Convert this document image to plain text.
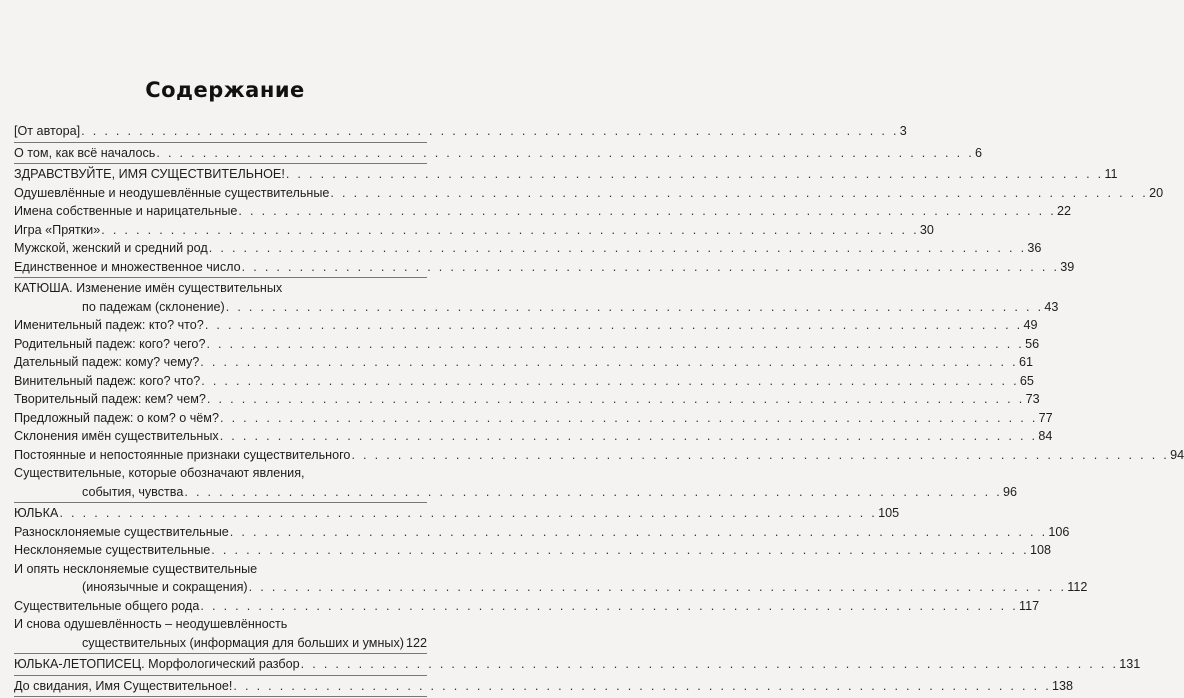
Содержание
[От автора] . . . . . . . . . . . . . . . . . . . . . . . . . . . . . . . . . . . . . . . . . . . . . . . . . . . . . . . . . . . . . . . . . . . . . . . 3
О том, как всё началось . . . . . . . . . . . . . . . . . . . . . . . . . . . . . . . . . . . . . . . . . . . . . . . . . . . . . . . . . . . . . . . . . . . . . . . 6
ЗДРАВСТВУЙТЕ, ИМЯ СУЩЕСТВИТЕЛЬНОЕ! . . . . . . . . . . . . . . . . . . . . . . . . . . . . . . . . . . . . . . . . . . . . . . . . . . . . . . . . . . . . . . . . . . . . . . . 11
Одушевлённые и неодушевлённые существительные . . . . . . . . . . . . . . . . . . . . . . . . . . . . . . . . . . . . . . . . . . . . . . . . . . . . . . . . . . . . . . . . . . . . . . . 20
Имена собственные и нарицательные . . . . . . . . . . . . . . . . . . . . . . . . . . . . . . . . . . . . . . . . . . . . . . . . . . . . . . . . . . . . . . . . . . . . . . . 22
Игра «Прятки» . . . . . . . . . . . . . . . . . . . . . . . . . . . . . . . . . . . . . . . . . . . . . . . . . . . . . . . . . . . . . . . . . . . . . . . 30
Мужской, женский и средний род . . . . . . . . . . . . . . . . . . . . . . . . . . . . . . . . . . . . . . . . . . . . . . . . . . . . . . . . . . . . . . . . . . . . . . . 36
Единственное и множественное число . . . . . . . . . . . . . . . . . . . . . . . . . . . . . . . . . . . . . . . . . . . . . . . . . . . . . . . . . . . . . . . . . . . . . . . 39
КАТЮША. Изменение имён существительных
по падежам (склонение) . . . . . . . . . . . . . . . . . . . . . . . . . . . . . . . . . . . . . . . . . . . . . . . . . . . . . . . . . . . . . . . . . . . . . . . 43
Именительный падеж: кто? что? . . . . . . . . . . . . . . . . . . . . . . . . . . . . . . . . . . . . . . . . . . . . . . . . . . . . . . . . . . . . . . . . . . . . . . . 49
Родительный падеж: кого? чего? . . . . . . . . . . . . . . . . . . . . . . . . . . . . . . . . . . . . . . . . . . . . . . . . . . . . . . . . . . . . . . . . . . . . . . . 56
Дательный падеж: кому? чему? . . . . . . . . . . . . . . . . . . . . . . . . . . . . . . . . . . . . . . . . . . . . . . . . . . . . . . . . . . . . . . . . . . . . . . . 61
Винительный падеж: кого? что? . . . . . . . . . . . . . . . . . . . . . . . . . . . . . . . . . . . . . . . . . . . . . . . . . . . . . . . . . . . . . . . . . . . . . . . 65
Творительный падеж: кем? чем? . . . . . . . . . . . . . . . . . . . . . . . . . . . . . . . . . . . . . . . . . . . . . . . . . . . . . . . . . . . . . . . . . . . . . . . 73
Предложный падеж: о ком? о чём? . . . . . . . . . . . . . . . . . . . . . . . . . . . . . . . . . . . . . . . . . . . . . . . . . . . . . . . . . . . . . . . . . . . . . . . 77
Склонения имён существительных . . . . . . . . . . . . . . . . . . . . . . . . . . . . . . . . . . . . . . . . . . . . . . . . . . . . . . . . . . . . . . . . . . . . . . . 84
Постоянные и непостоянные признаки существительного . . . . . . . . . . . . . . . . . . . . . . . . . . . . . . . . . . . . . . . . . . . . . . . . . . . . . . . . . . . . . . . . . . . . . . . 94
Существительные, которые обозначают явления,
события, чувства . . . . . . . . . . . . . . . . . . . . . . . . . . . . . . . . . . . . . . . . . . . . . . . . . . . . . . . . . . . . . . . . . . . . . . . 96
ЮЛЬКА . . . . . . . . . . . . . . . . . . . . . . . . . . . . . . . . . . . . . . . . . . . . . . . . . . . . . . . . . . . . . . . . . . . . . . . 105
Разносклоняемые существительные . . . . . . . . . . . . . . . . . . . . . . . . . . . . . . . . . . . . . . . . . . . . . . . . . . . . . . . . . . . . . . . . . . . . . . . 106
Несклоняемые существительные . . . . . . . . . . . . . . . . . . . . . . . . . . . . . . . . . . . . . . . . . . . . . . . . . . . . . . . . . . . . . . . . . . . . . . . 108
И опять несклоняемые существительные
(иноязычные и сокращения) . . . . . . . . . . . . . . . . . . . . . . . . . . . . . . . . . . . . . . . . . . . . . . . . . . . . . . . . . . . . . . . . . . . . . . . 112
Существительные общего рода . . . . . . . . . . . . . . . . . . . . . . . . . . . . . . . . . . . . . . . . . . . . . . . . . . . . . . . . . . . . . . . . . . . . . . . 117
И снова одушевлённость – неодушевлённость
существительных (информация для больших и умных) 122
ЮЛЬКА-ЛЕТОПИСЕЦ. Морфологический разбор . . . . . . . . . . . . . . . . . . . . . . . . . . . . . . . . . . . . . . . . . . . . . . . . . . . . . . . . . . . . . . . . . . . . . . . 131
До свидания, Имя Существительное! . . . . . . . . . . . . . . . . . . . . . . . . . . . . . . . . . . . . . . . . . . . . . . . . . . . . . . . . . . . . . . . . . . . . . . . 138
